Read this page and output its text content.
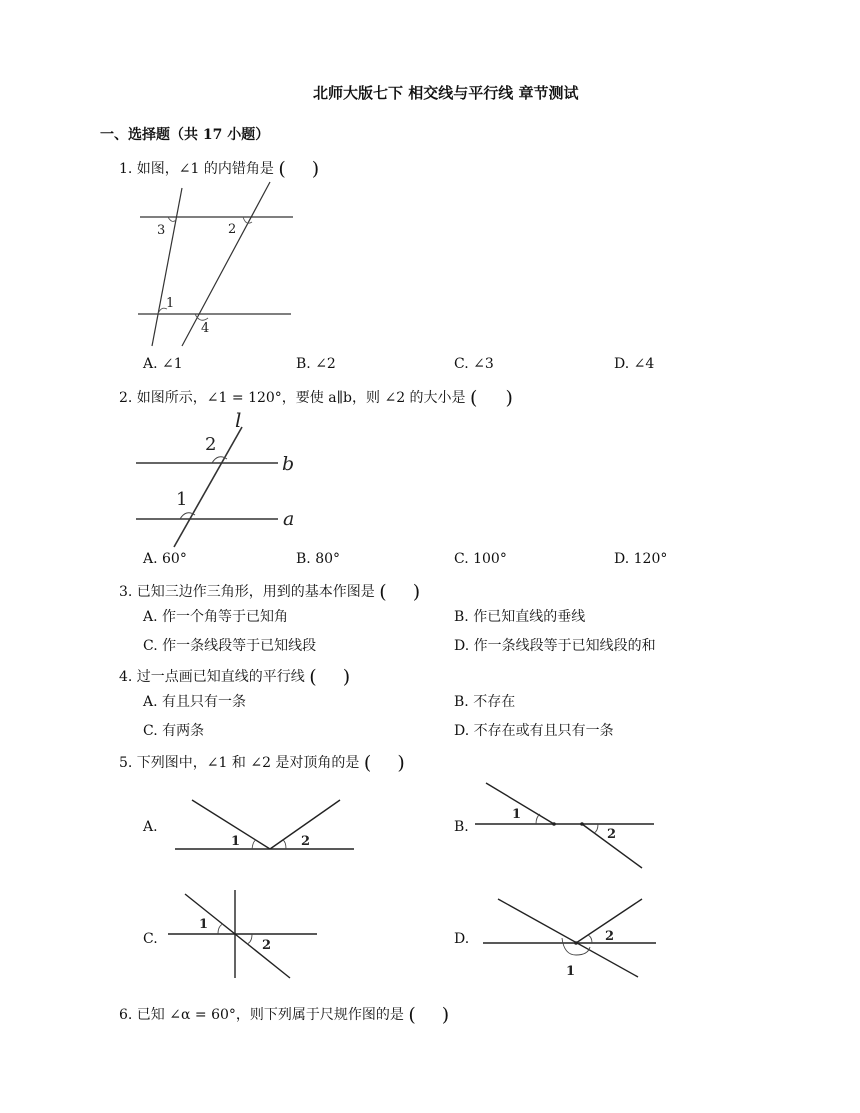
北师大版七下 相交线与平行线 章节测试
一、选择题（共 17 小题）
1. 如图，∠1 的内错角是 ( )
3	2
1
4
A. ∠1	B. ∠2	C. ∠3	D. ∠4
2. 如图所示，∠1 = 120°，要使 a∥b，则 ∠2 的大小是 ( )
l
b
a
2
1
A. 60°	B. 80°	C. 100°	D. 120°
3. 已知三边作三角形，用到的基本作图是 ( )
A. 作一个角等于已知角	B. 作已知直线的垂线
C. 作一条线段等于已知线段	D. 作一条线段等于已知线段的和
4. 过一点画已知直线的平行线 ( )
A. 有且只有一条	B. 不存在
C. 有两条	D. 不存在或有且只有一条
5. 下列图中，∠1 和 ∠2 是对顶角的是 ( )
A.
1	2
B.
1
2
C.
1
2	D.	2
1
6. 已知 ∠α = 60°，则下列属于尺规作图的是 ( )
